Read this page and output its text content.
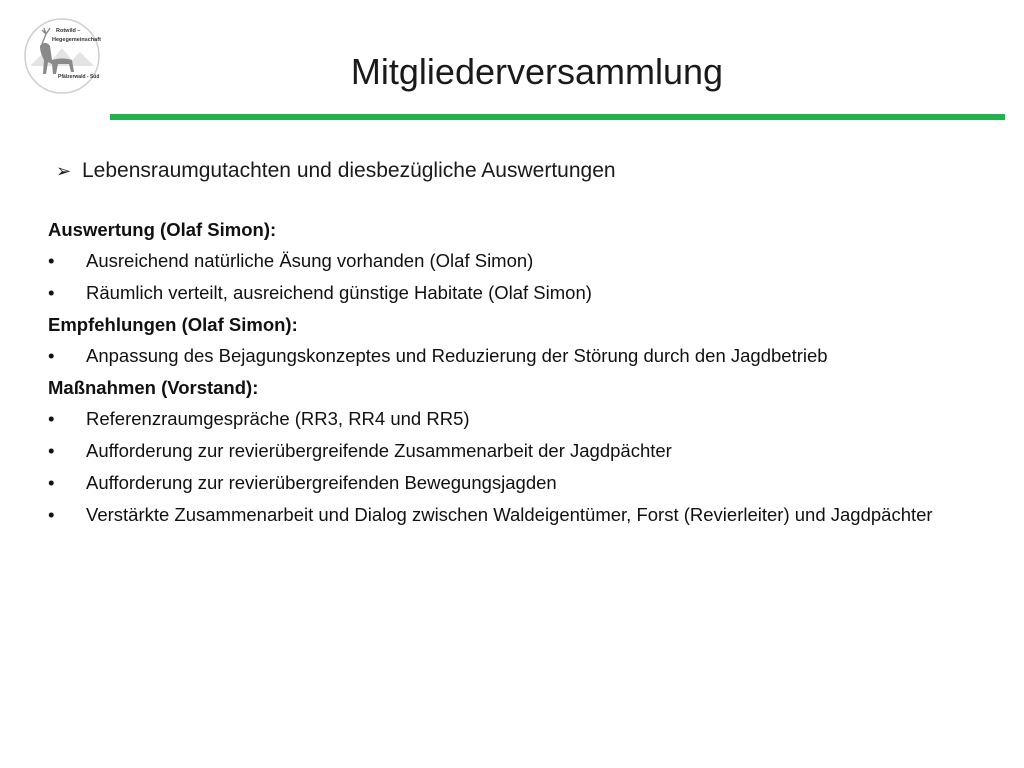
Rotwild –
Hegegemeinschaft
Pfälzerwald - Süd	Mitgliederversammlung
➢ Lebensraumgutachten und diesbezügliche Auswertungen
Auswertung (Olaf Simon):
•	Ausreichend natürliche Äsung vorhanden (Olaf Simon)
•	Räumlich verteilt, ausreichend günstige Habitate (Olaf Simon)
Empfehlungen (Olaf Simon):
•	Anpassung des Bejagungskonzeptes und Reduzierung der Störung durch den Jagdbetrieb
Maßnahmen (Vorstand):
•	Referenzraumgespräche (RR3, RR4 und RR5)
•	Aufforderung zur revierübergreifende Zusammenarbeit der Jagdpächter
•	Aufforderung zur revierübergreifenden Bewegungsjagden
•	Verstärkte Zusammenarbeit und Dialog zwischen Waldeigentümer, Forst (Revierleiter) und Jagdpächter
